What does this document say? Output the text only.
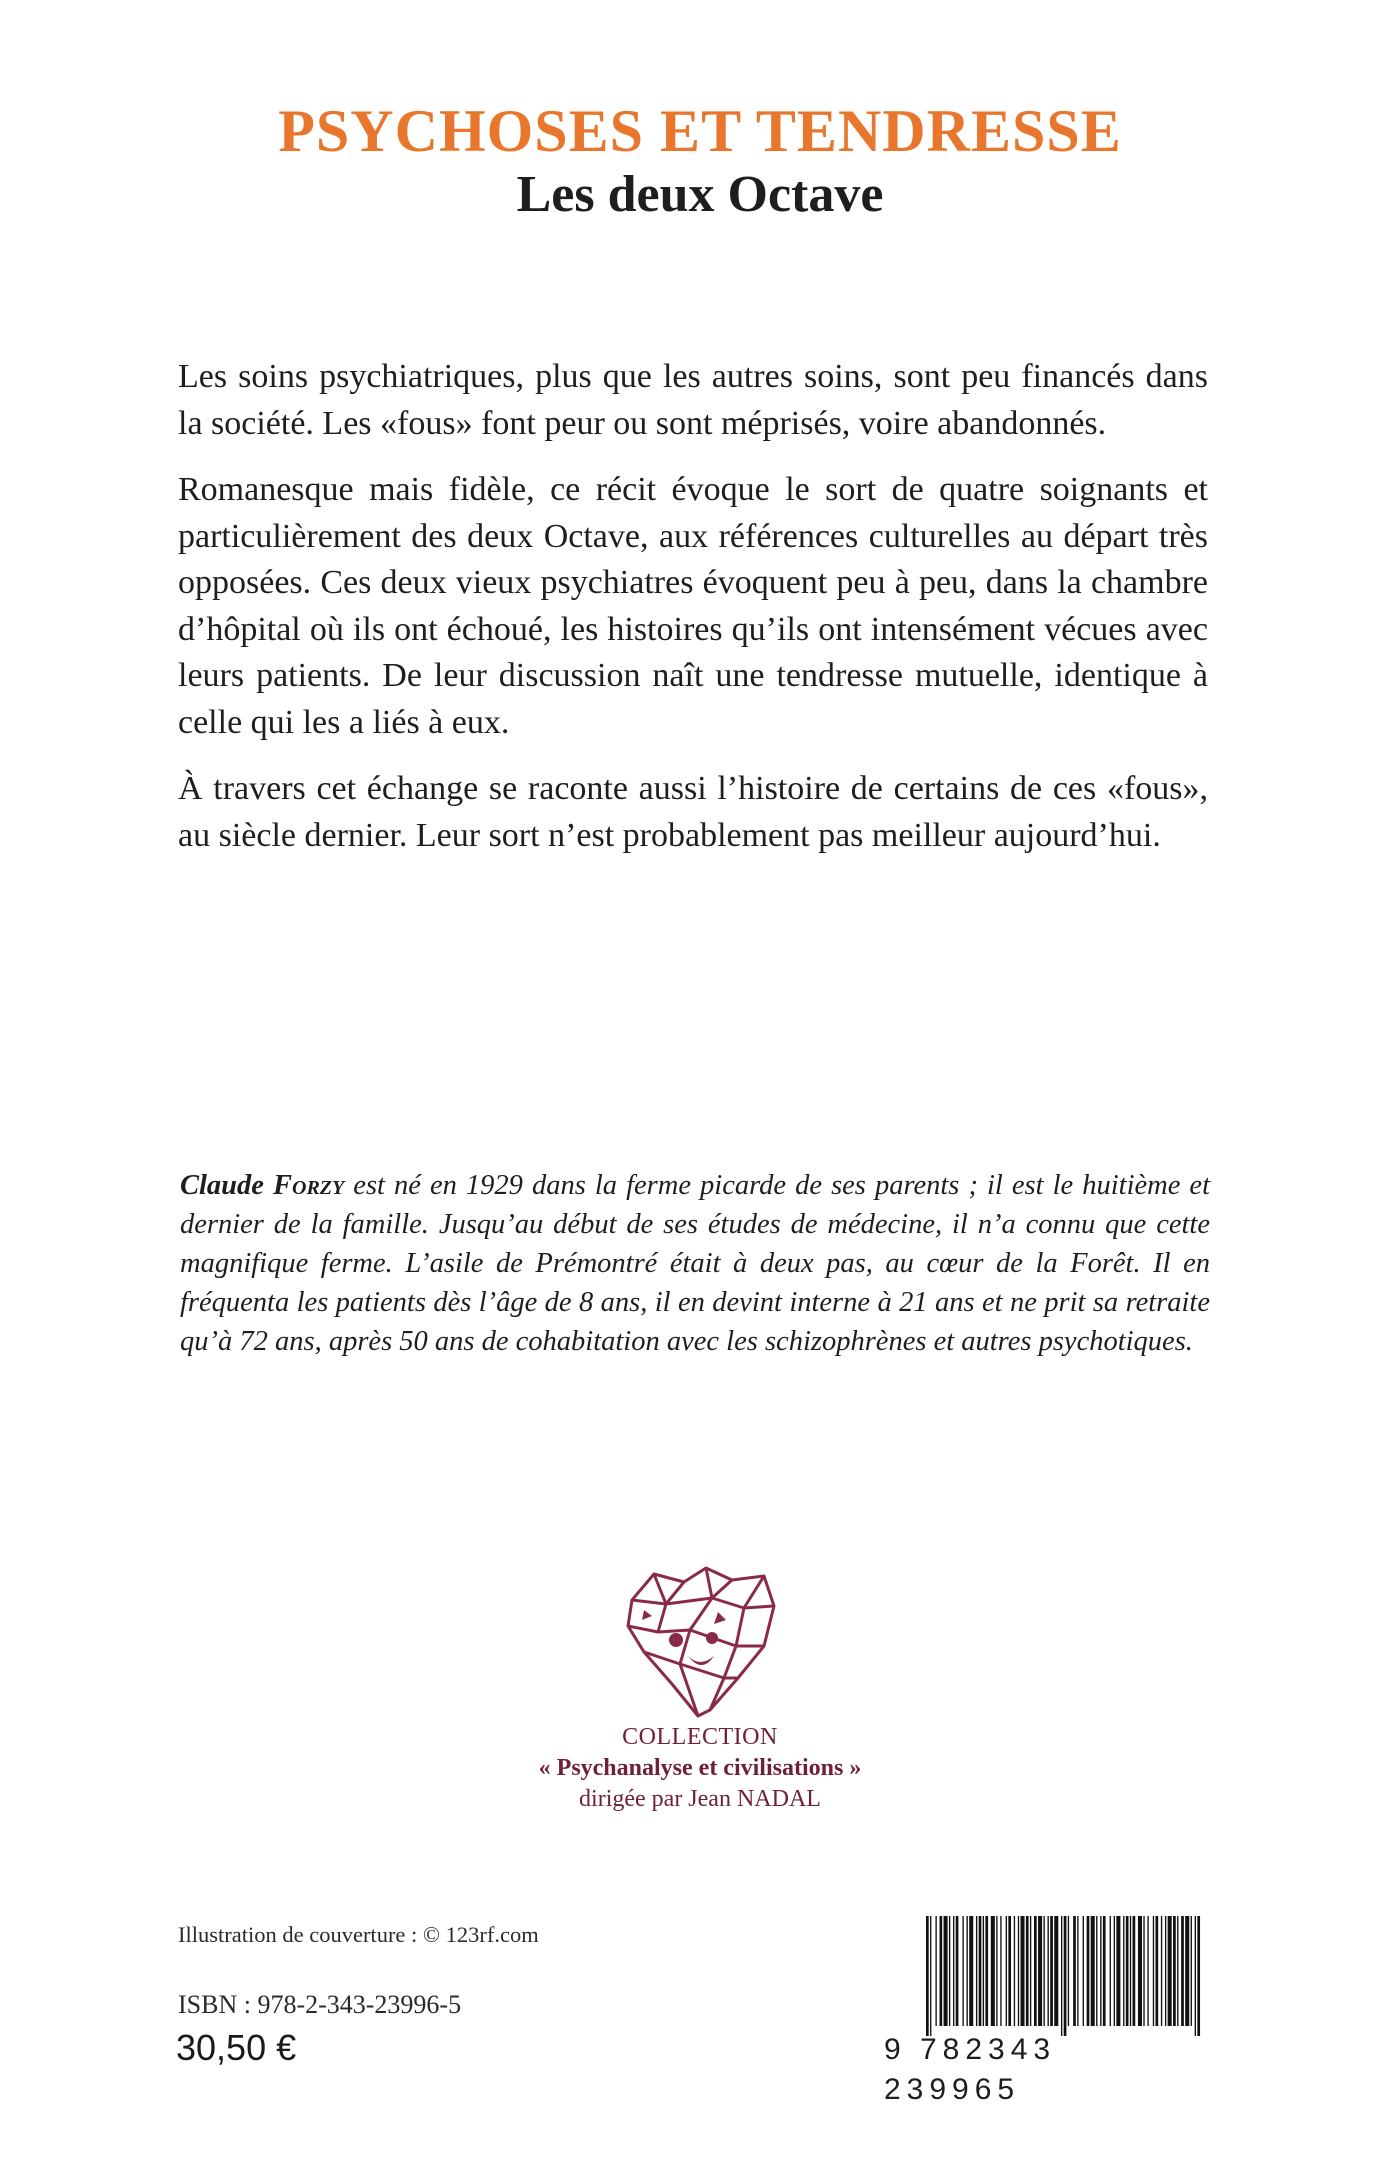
PSYCHOSES ET TENDRESSE
Les deux Octave

Les soins psychiatriques, plus que les autres soins, sont peu financés dans la société. Les «fous» font peur ou sont méprisés, voire abandonnés.

Romanesque mais fidèle, ce récit évoque le sort de quatre soignants et particulièrement des deux Octave, aux références culturelles au départ très opposées. Ces deux vieux psychiatres évoquent peu à peu, dans la chambre d’hôpital où ils ont échoué, les histoires qu’ils ont intensément vécues avec leurs patients. De leur discussion naît une tendresse mutuelle, identique à celle qui les a liés à eux.

À travers cet échange se raconte aussi l’histoire de certains de ces «fous», au siècle dernier. Leur sort n’est probablement pas meilleur aujourd’hui.

Claude Forzy est né en 1929 dans la ferme picarde de ses parents ; il est le huitième et dernier de la famille. Jusqu’au début de ses études de médecine, il n’a connu que cette magnifique ferme. L’asile de Prémontré était à deux pas, au cœur de la Forêt. Il en fréquenta les patients dès l’âge de 8 ans, il en devint interne à 21 ans et ne prit sa retraite qu’à 72 ans, après 50 ans de cohabitation avec les schizophrènes et autres psychotiques.
COLLECTION
« Psychanalyse et civilisations »
dirigée par Jean NADAL
Illustration de couverture : © 123rf.com
ISBN : 978-2-343-23996-5
30,50 €	9 782343 239965
